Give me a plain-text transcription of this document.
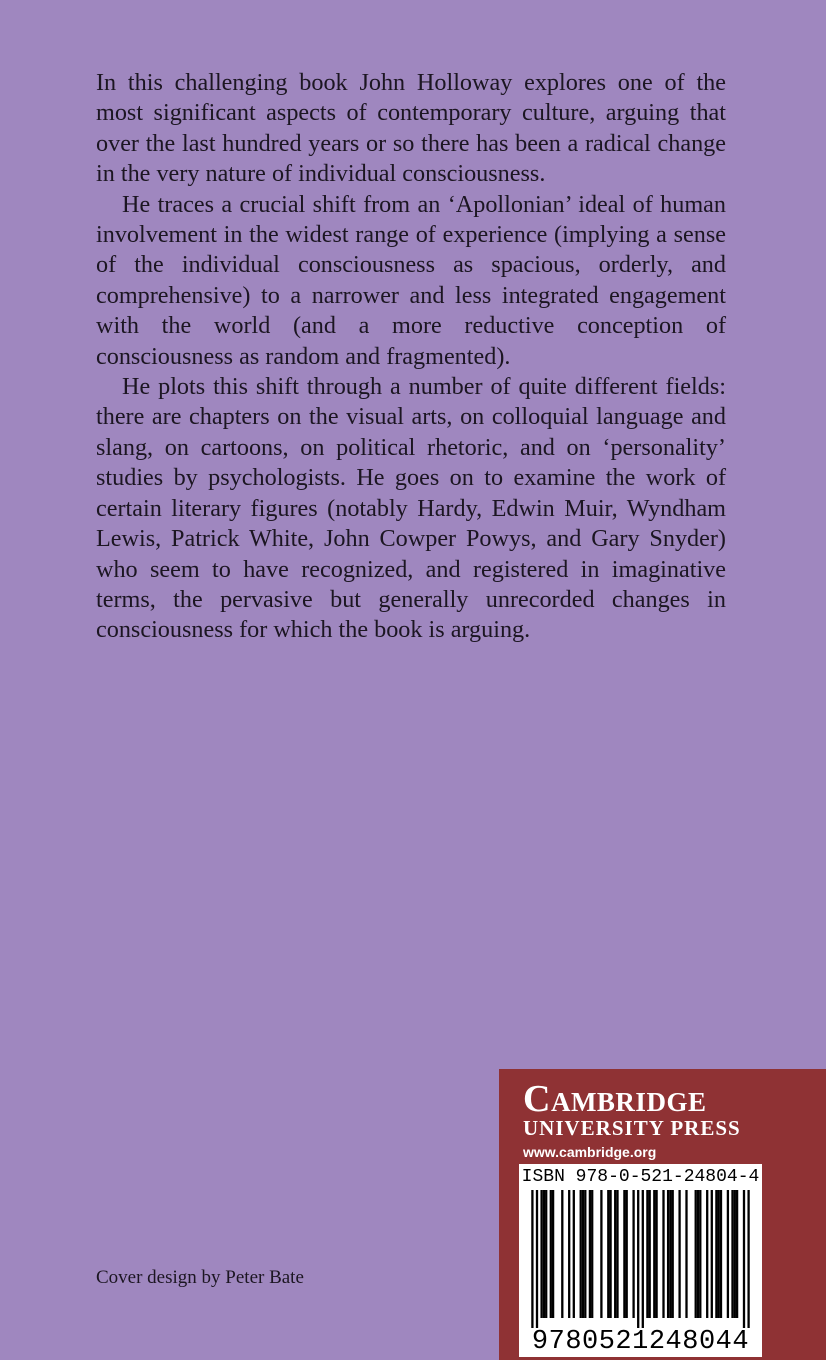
In this challenging book John Holloway explores one of the most significant aspects of contemporary culture, arguing that over the last hundred years or so there has been a radical change in the very nature of individual consciousness.

He traces a crucial shift from an ‘Apollonian’ ideal of human involvement in the widest range of experience (implying a sense of the individual consciousness as spacious, orderly, and comprehensive) to a narrower and less integrated engagement with the world (and a more reductive conception of consciousness as random and fragmented).

He plots this shift through a number of quite different fields: there are chapters on the visual arts, on colloquial language and slang, on cartoons, on political rhetoric, and on ‘personality’ studies by psychologists. He goes on to examine the work of certain literary figures (notably Hardy, Edwin Muir, Wyndham Lewis, Patrick White, John Cowper Powys, and Gary Snyder) who seem to have recognized, and registered in imaginative terms, the pervasive but generally unrecorded changes in consciousness for which the book is arguing.

Cover design by Peter Bate
Cambridge
UNIVERSITY PRESS
www.cambridge.org
ISBN 978-0-521-24804-4
9780521248044
